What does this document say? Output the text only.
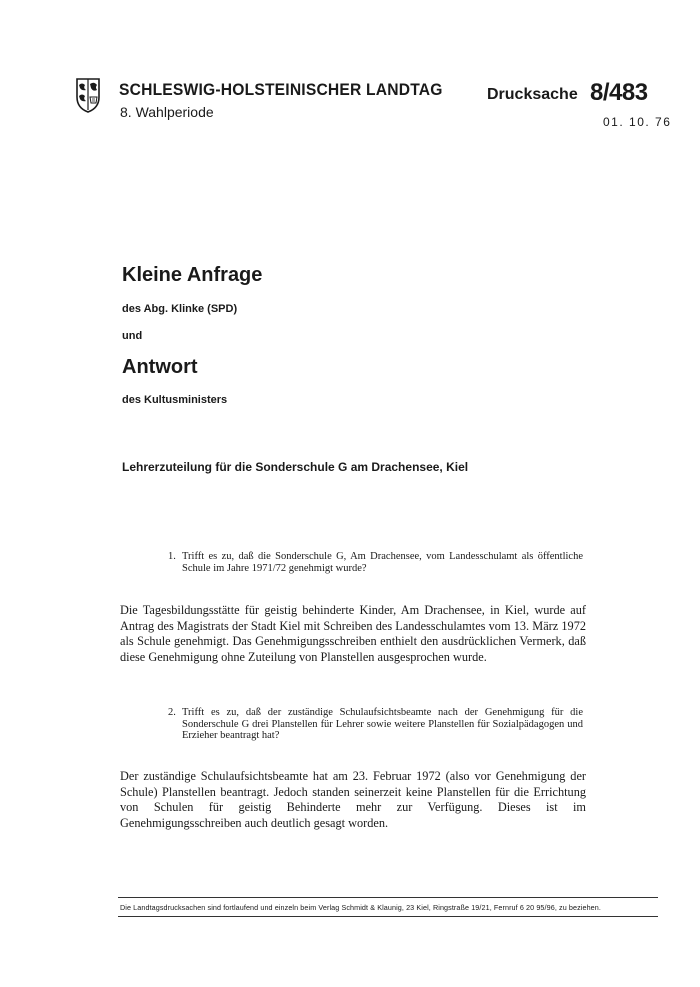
SCHLESWIG-HOLSTEINISCHER LANDTAG
8. Wahlperiode
Drucksache 8/483
01. 10. 76
Kleine Anfrage
des Abg. Klinke (SPD)
und
Antwort
des Kultusministers
Lehrerzuteilung für die Sonderschule G am Drachensee, Kiel
1. Trifft es zu, daß die Sonderschule G, Am Drachensee, vom Landesschulamt als öffentliche Schule im Jahre 1971/72 genehmigt wurde?
Die Tagesbildungsstätte für geistig behinderte Kinder, Am Drachensee, in Kiel, wurde auf Antrag des Magistrats der Stadt Kiel mit Schreiben des Landesschulamtes vom 13. März 1972 als Schule genehmigt. Das Genehmigungsschreiben enthielt den ausdrücklichen Vermerk, daß diese Genehmigung ohne Zuteilung von Planstellen ausgesprochen wurde.
2. Trifft es zu, daß der zuständige Schulaufsichtsbeamte nach der Genehmigung für die Sonderschule G drei Planstellen für Lehrer sowie weitere Planstellen für Sozialpädagogen und Erzieher beantragt hat?
Der zuständige Schulaufsichtsbeamte hat am 23. Februar 1972 (also vor Genehmigung der Schule) Planstellen beantragt. Jedoch standen seinerzeit keine Planstellen für die Errichtung von Schulen für geistig Behinderte mehr zur Verfügung. Dieses ist im Genehmigungsschreiben auch deutlich gesagt worden.
Die Landtagsdrucksachen sind fortlaufend und einzeln beim Verlag Schmidt & Klaunig, 23 Kiel, Ringstraße 19/21, Fernruf 6 20 95/96, zu beziehen.
